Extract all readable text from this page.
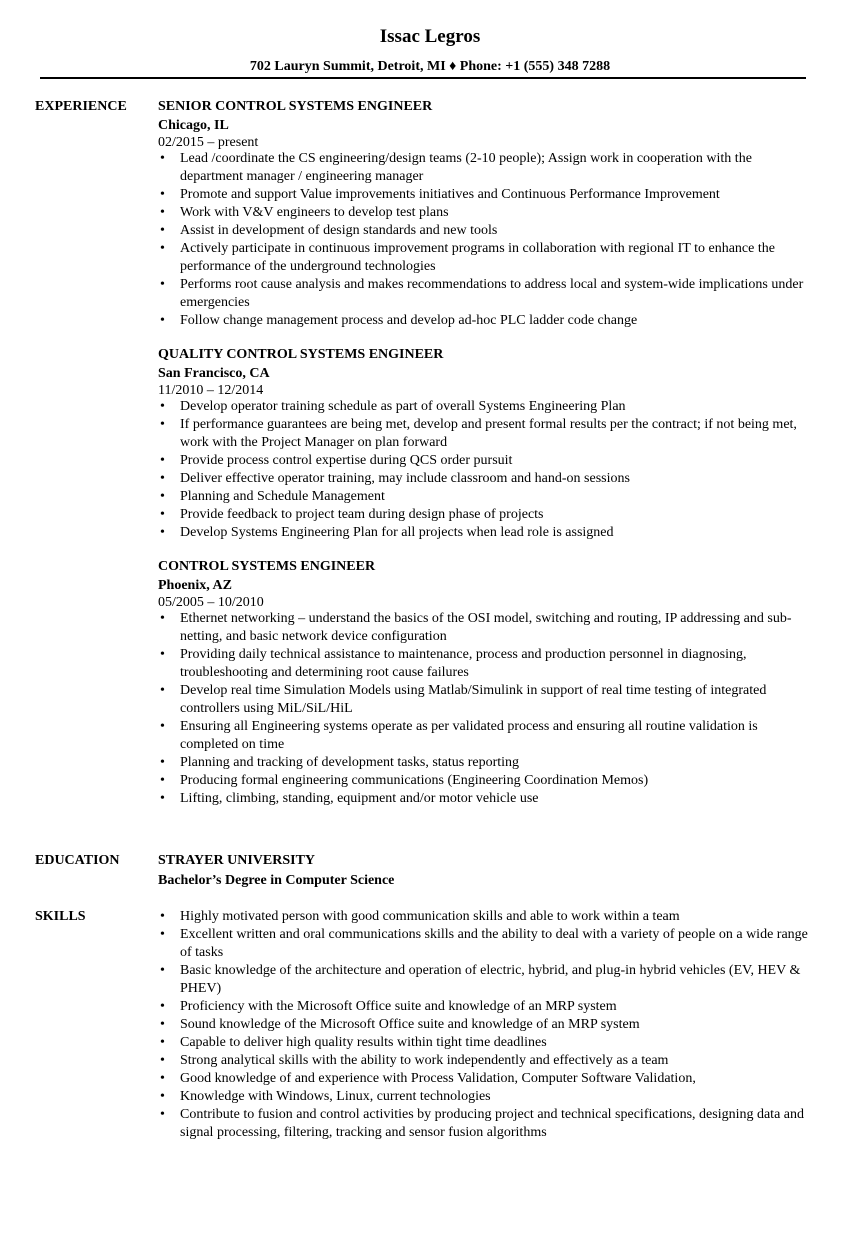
Issac Legros
702 Lauryn Summit, Detroit, MI ♦ Phone: +1 (555) 348 7288
EXPERIENCE SENIOR CONTROL SYSTEMS ENGINEER
Chicago, IL
02/2015 – present
• Lead /coordinate the CS engineering/design teams (2-10 people); Assign work in cooperation with the department manager / engineering manager
• Promote and support Value improvements initiatives and Continuous Performance Improvement
• Work with V&V engineers to develop test plans
• Assist in development of design standards and new tools
• Actively participate in continuous improvement programs in collaboration with regional IT to enhance the performance of the underground technologies
• Performs root cause analysis and makes recommendations to address local and system-wide implications under emergencies
• Follow change management process and develop ad-hoc PLC ladder code change
QUALITY CONTROL SYSTEMS ENGINEER
San Francisco, CA
11/2010 – 12/2014
• Develop operator training schedule as part of overall Systems Engineering Plan
• If performance guarantees are being met, develop and present formal results per the contract; if not being met, work with the Project Manager on plan forward
• Provide process control expertise during QCS order pursuit
• Deliver effective operator training, may include classroom and hand-on sessions
• Planning and Schedule Management
• Provide feedback to project team during design phase of projects
• Develop Systems Engineering Plan for all projects when lead role is assigned
CONTROL SYSTEMS ENGINEER
Phoenix, AZ
05/2005 – 10/2010
• Ethernet networking – understand the basics of the OSI model, switching and routing, IP addressing and sub-netting, and basic network device configuration
• Providing daily technical assistance to maintenance, process and production personnel in diagnosing, troubleshooting and determining root cause failures
• Develop real time Simulation Models using Matlab/Simulink in support of real time testing of integrated controllers using MiL/SiL/HiL
• Ensuring all Engineering systems operate as per validated process and ensuring all routine validation is completed on time
• Planning and tracking of development tasks, status reporting
• Producing formal engineering communications (Engineering Coordination Memos)
• Lifting, climbing, standing, equipment and/or motor vehicle use
EDUCATION	STRAYER UNIVERSITY
Bachelor’s Degree in Computer Science
SKILLS	• Highly motivated person with good communication skills and able to work within a team
• Excellent written and oral communications skills and the ability to deal with a variety of people on a wide range of tasks
• Basic knowledge of the architecture and operation of electric, hybrid, and plug-in hybrid vehicles (EV, HEV & PHEV)
• Proficiency with the Microsoft Office suite and knowledge of an MRP system
• Sound knowledge of the Microsoft Office suite and knowledge of an MRP system
• Capable to deliver high quality results within tight time deadlines
• Strong analytical skills with the ability to work independently and effectively as a team
• Good knowledge of and experience with Process Validation, Computer Software Validation,
• Knowledge with Windows, Linux, current technologies
• Contribute to fusion and control activities by producing project and technical specifications, designing data and signal processing, filtering, tracking and sensor fusion algorithms
